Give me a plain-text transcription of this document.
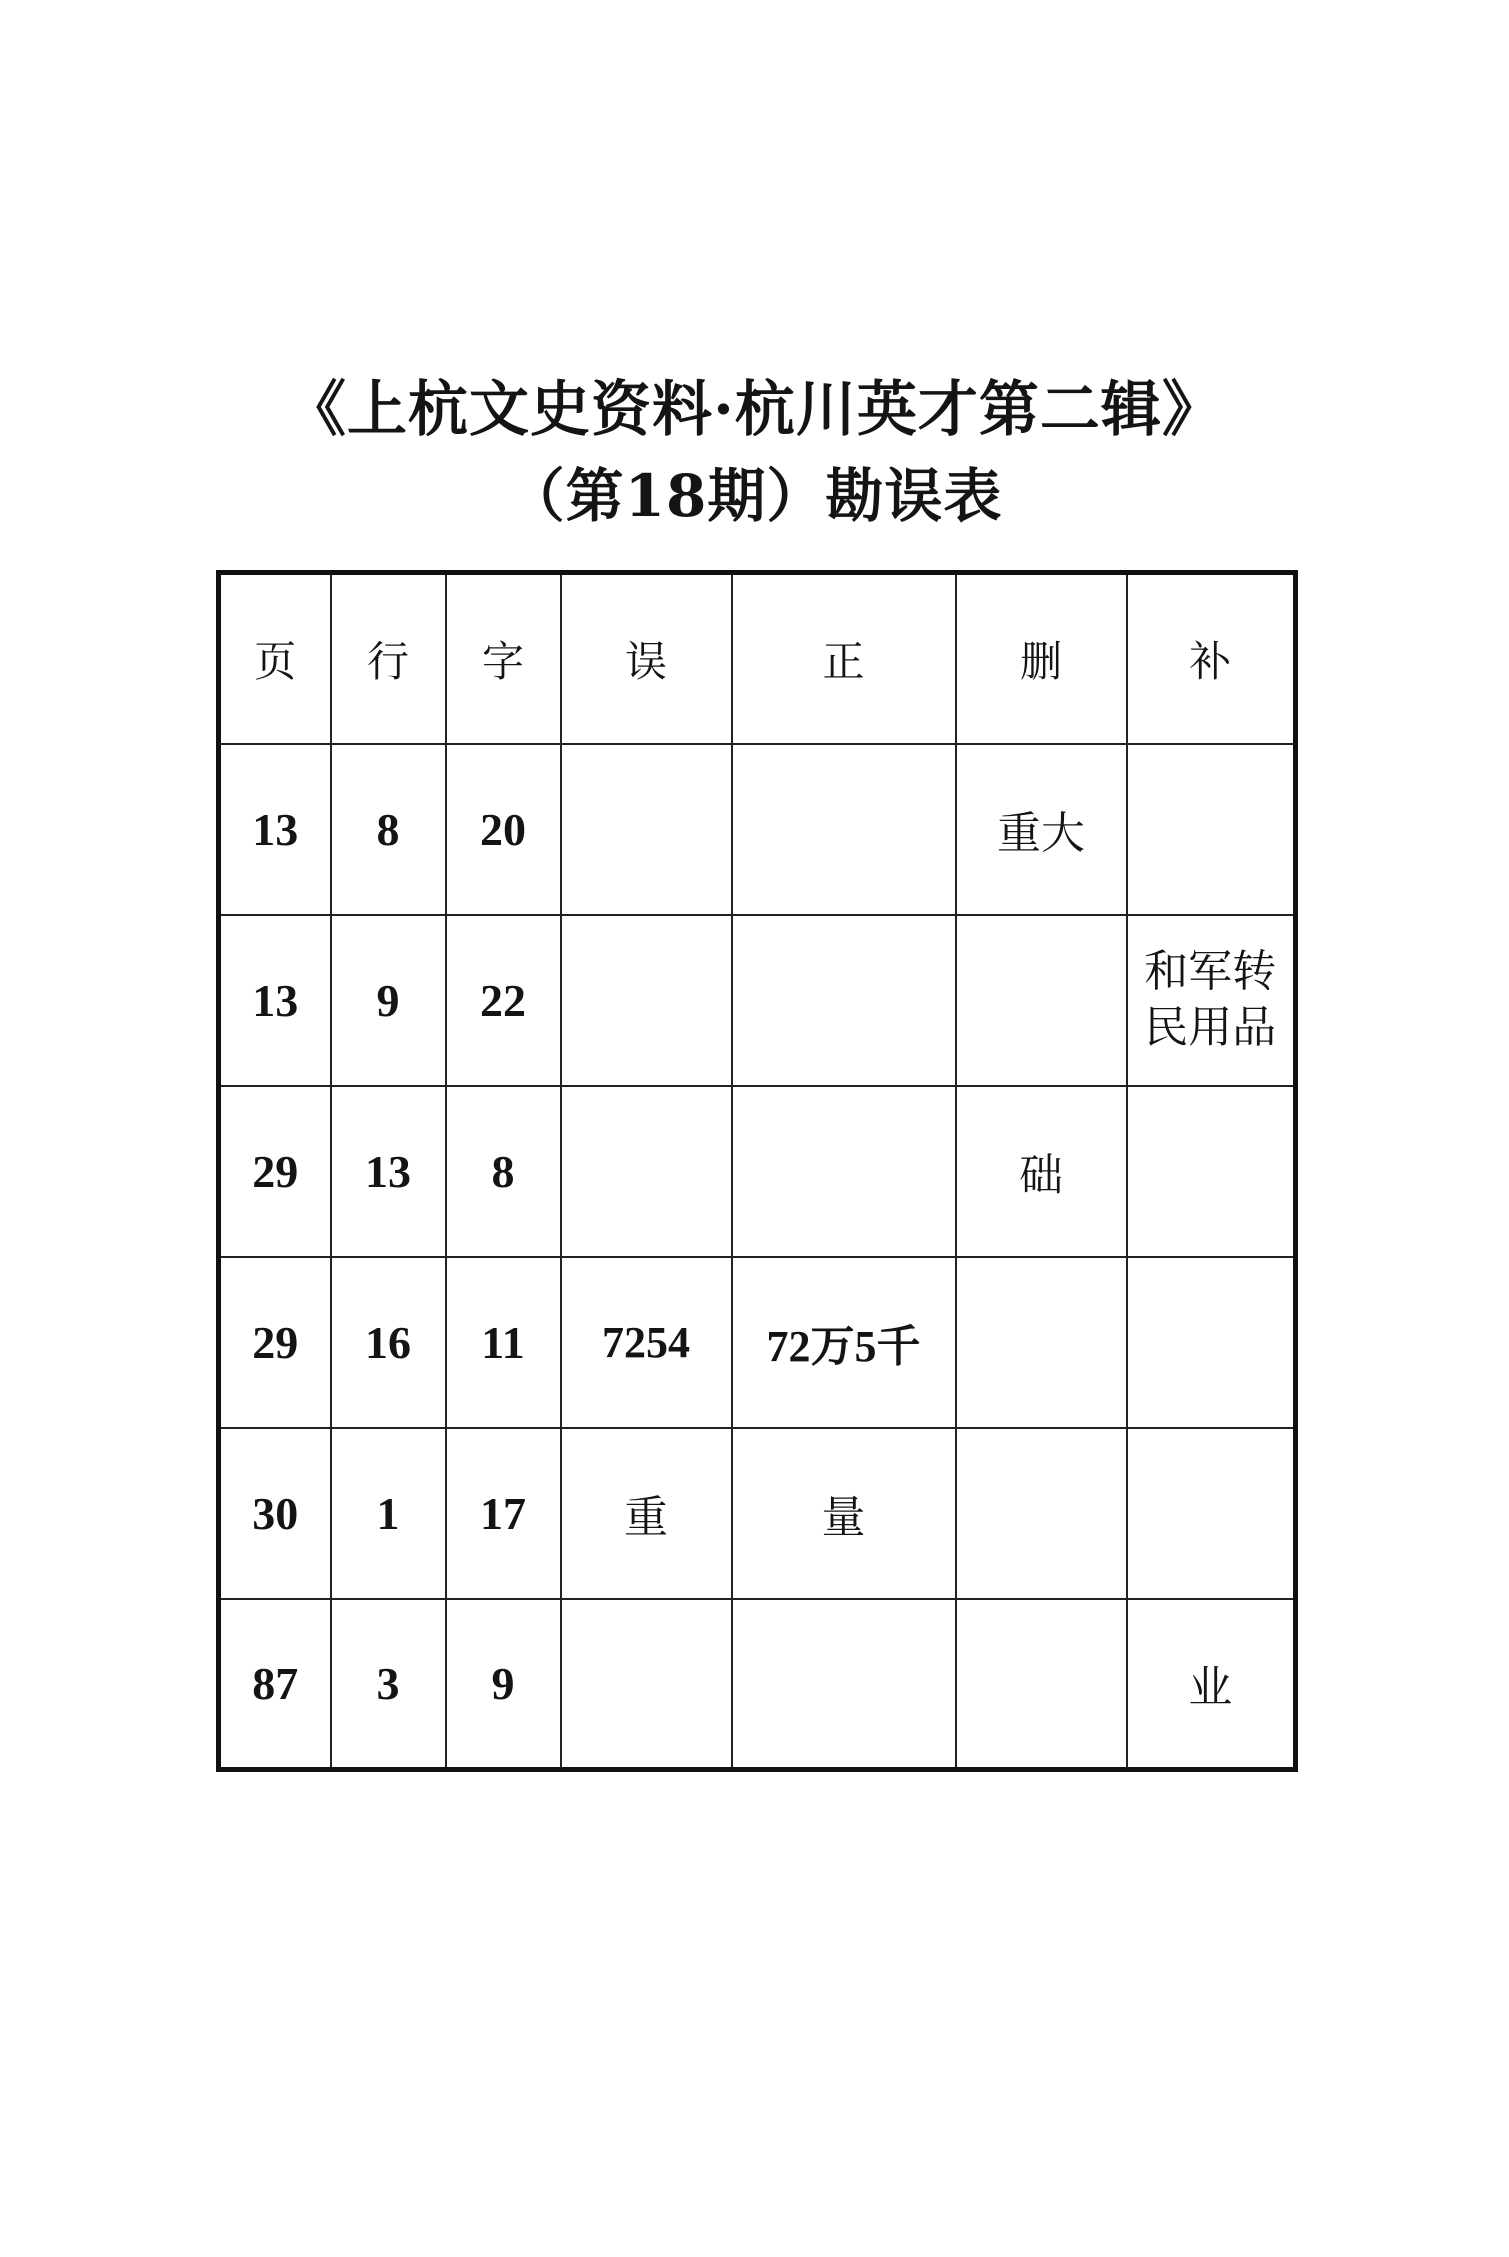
《上杭文史资料·杭川英才第二辑》
（第18期）勘误表
页	行	字	误	正	删	补
13	8	20			重大	
13	9	22				和军转民用品
29	13	8			础	
29	16	11	7254	72万5千		
30	1	17	重	量		
87	3	9				业
